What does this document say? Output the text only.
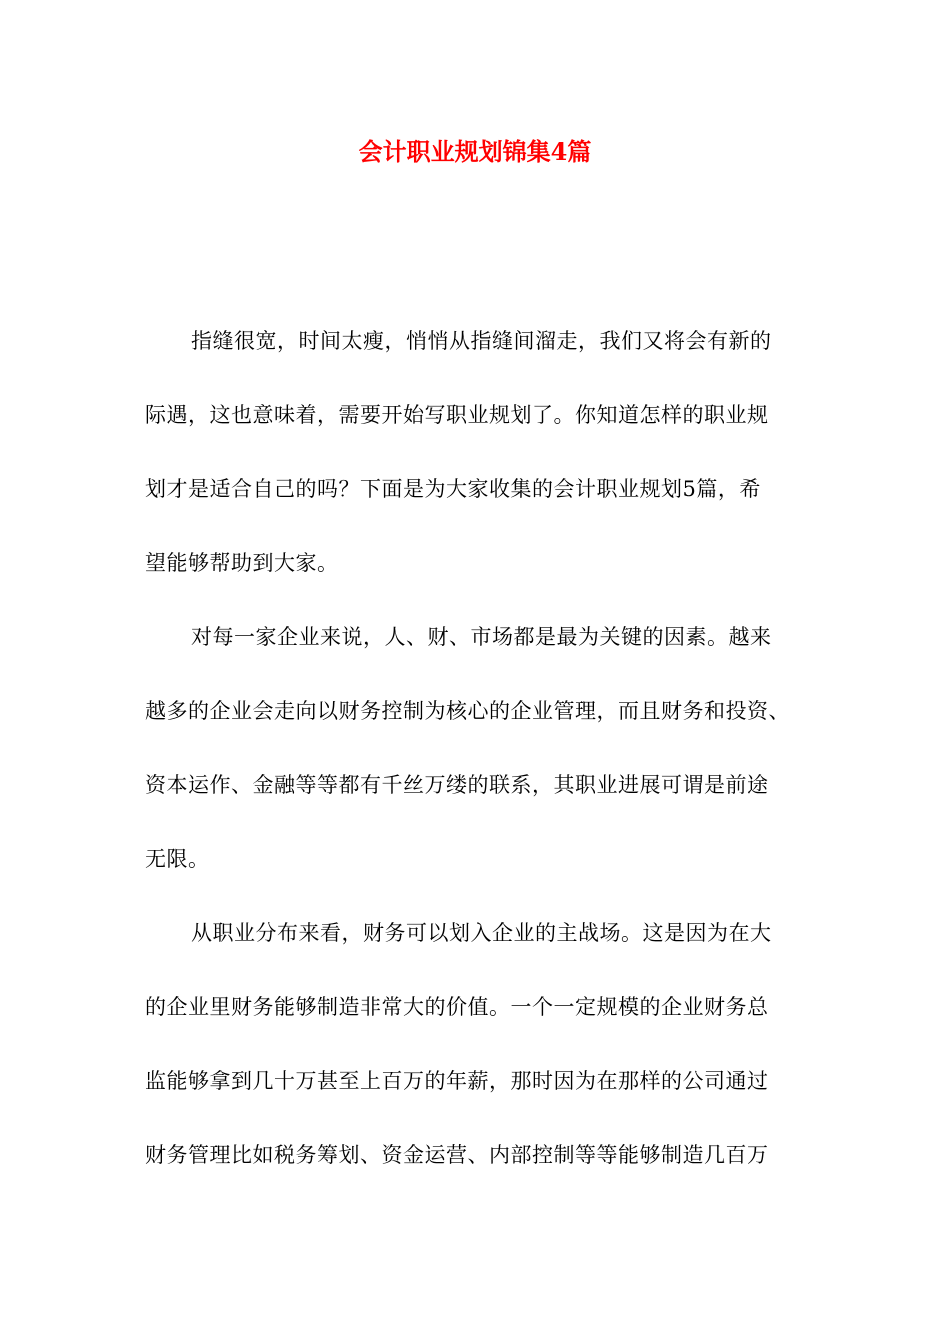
会计职业规划锦集4篇
指缝很宽，时间太瘦，悄悄从指缝间溜走，我们又将会有新的
际遇，这也意味着，需要开始写职业规划了。你知道怎样的职业规
划才是适合自己的吗？下面是为大家收集的会计职业规划5篇，希
望能够帮助到大家。
对每一家企业来说，人、财、市场都是最为关键的因素。越来
越多的企业会走向以财务控制为核心的企业管理，而且财务和投资、
资本运作、金融等等都有千丝万缕的联系，其职业进展可谓是前途
无限。
从职业分布来看，财务可以划入企业的主战场。这是因为在大
的企业里财务能够制造非常大的价值。一个一定规模的企业财务总
监能够拿到几十万甚至上百万的年薪，那时因为在那样的公司通过
财务管理比如税务筹划、资金运营、内部控制等等能够制造几百万
